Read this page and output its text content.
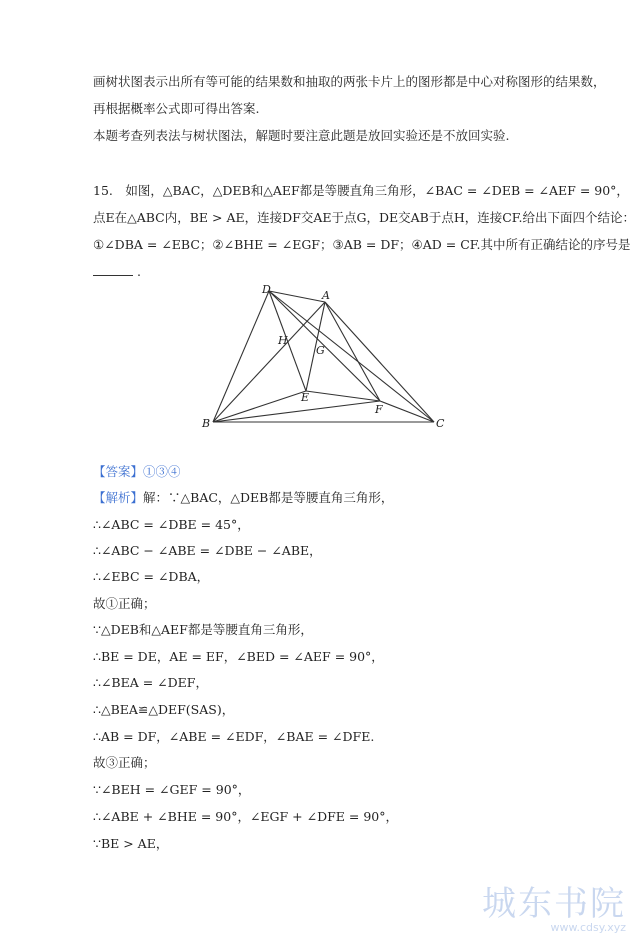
画树状图表示出所有等可能的结果数和抽取的两张卡片上的图形都是中心对称图形的结果数，
再根据概率公式即可得出答案.
本题考查列表法与树状图法，解题时要注意此题是放回实验还是不放回实验.
15.　如图，△BAC，△DEB和△AEF都是等腰直角三角形，∠BAC = ∠DEB = ∠AEF = 90°，
点E在△ABC内，BE > AE，连接DF交AE于点G，DE交AB于点H，连接CF.给出下面四个结论：
①∠DBA = ∠EBC；②∠BHE = ∠EGF；③AB = DF；④AD = CF.其中所有正确结论的序号是
.
D	A
H
G
E
F
B	C
【答案】①③④
【解析】解：∵△BAC，△DEB都是等腰直角三角形，
∴∠ABC = ∠DBE = 45°，
∴∠ABC − ∠ABE = ∠DBE − ∠ABE，
∴∠EBC = ∠DBA，
故①正确；
∵△DEB和△AEF都是等腰直角三角形，
∴BE = DE，AE = EF，∠BED = ∠AEF = 90°，
∴∠BEA = ∠DEF，
∴△BEA≌△DEF(SAS)，
∴AB = DF，∠ABE = ∠EDF，∠BAE = ∠DFE.
故③正确；
∵∠BEH = ∠GEF = 90°，
∴∠ABE + ∠BHE = 90°，∠EGF + ∠DFE = 90°，
∵BE > AE，
城东书院
www.cdsy.xyz
